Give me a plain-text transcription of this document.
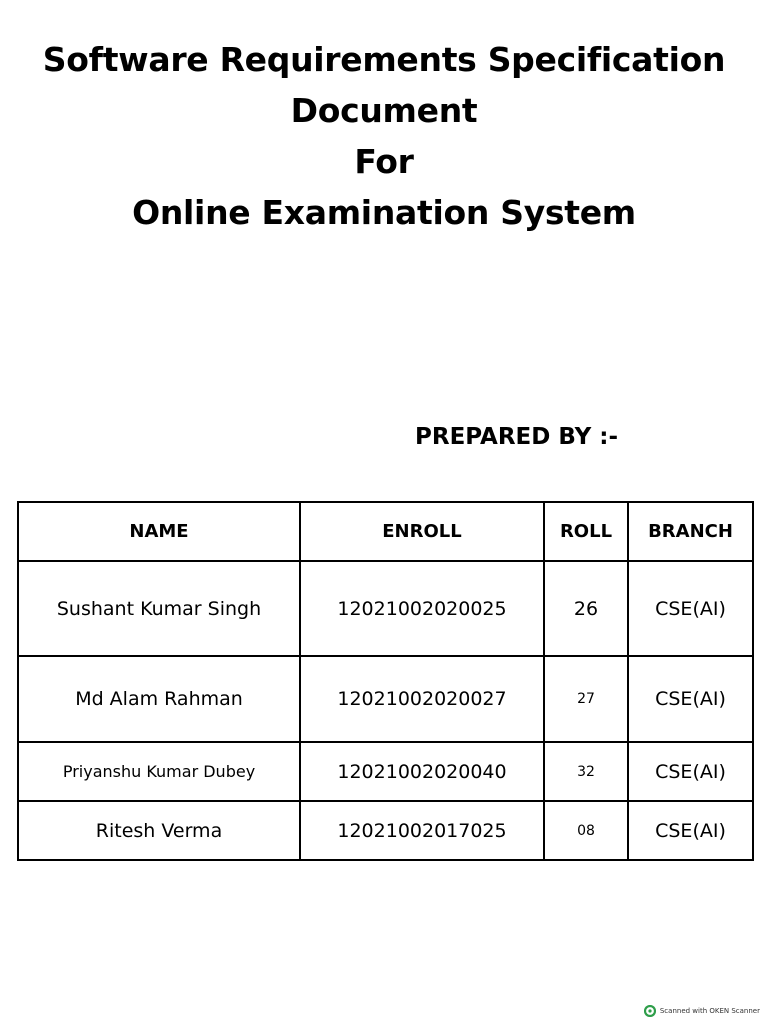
Software Requirements Specification
Document
For
Online Examination System
PREPARED BY :-
NAME	ENROLL	ROLL	BRANCH
Sushant Kumar Singh	12021002020025	26	CSE(AI)
Md Alam Rahman	12021002020027	27	CSE(AI)
Priyanshu Kumar Dubey	12021002020040	32	CSE(AI)
Ritesh Verma	12021002017025	08	CSE(AI)
Scanned with OKEN Scanner
